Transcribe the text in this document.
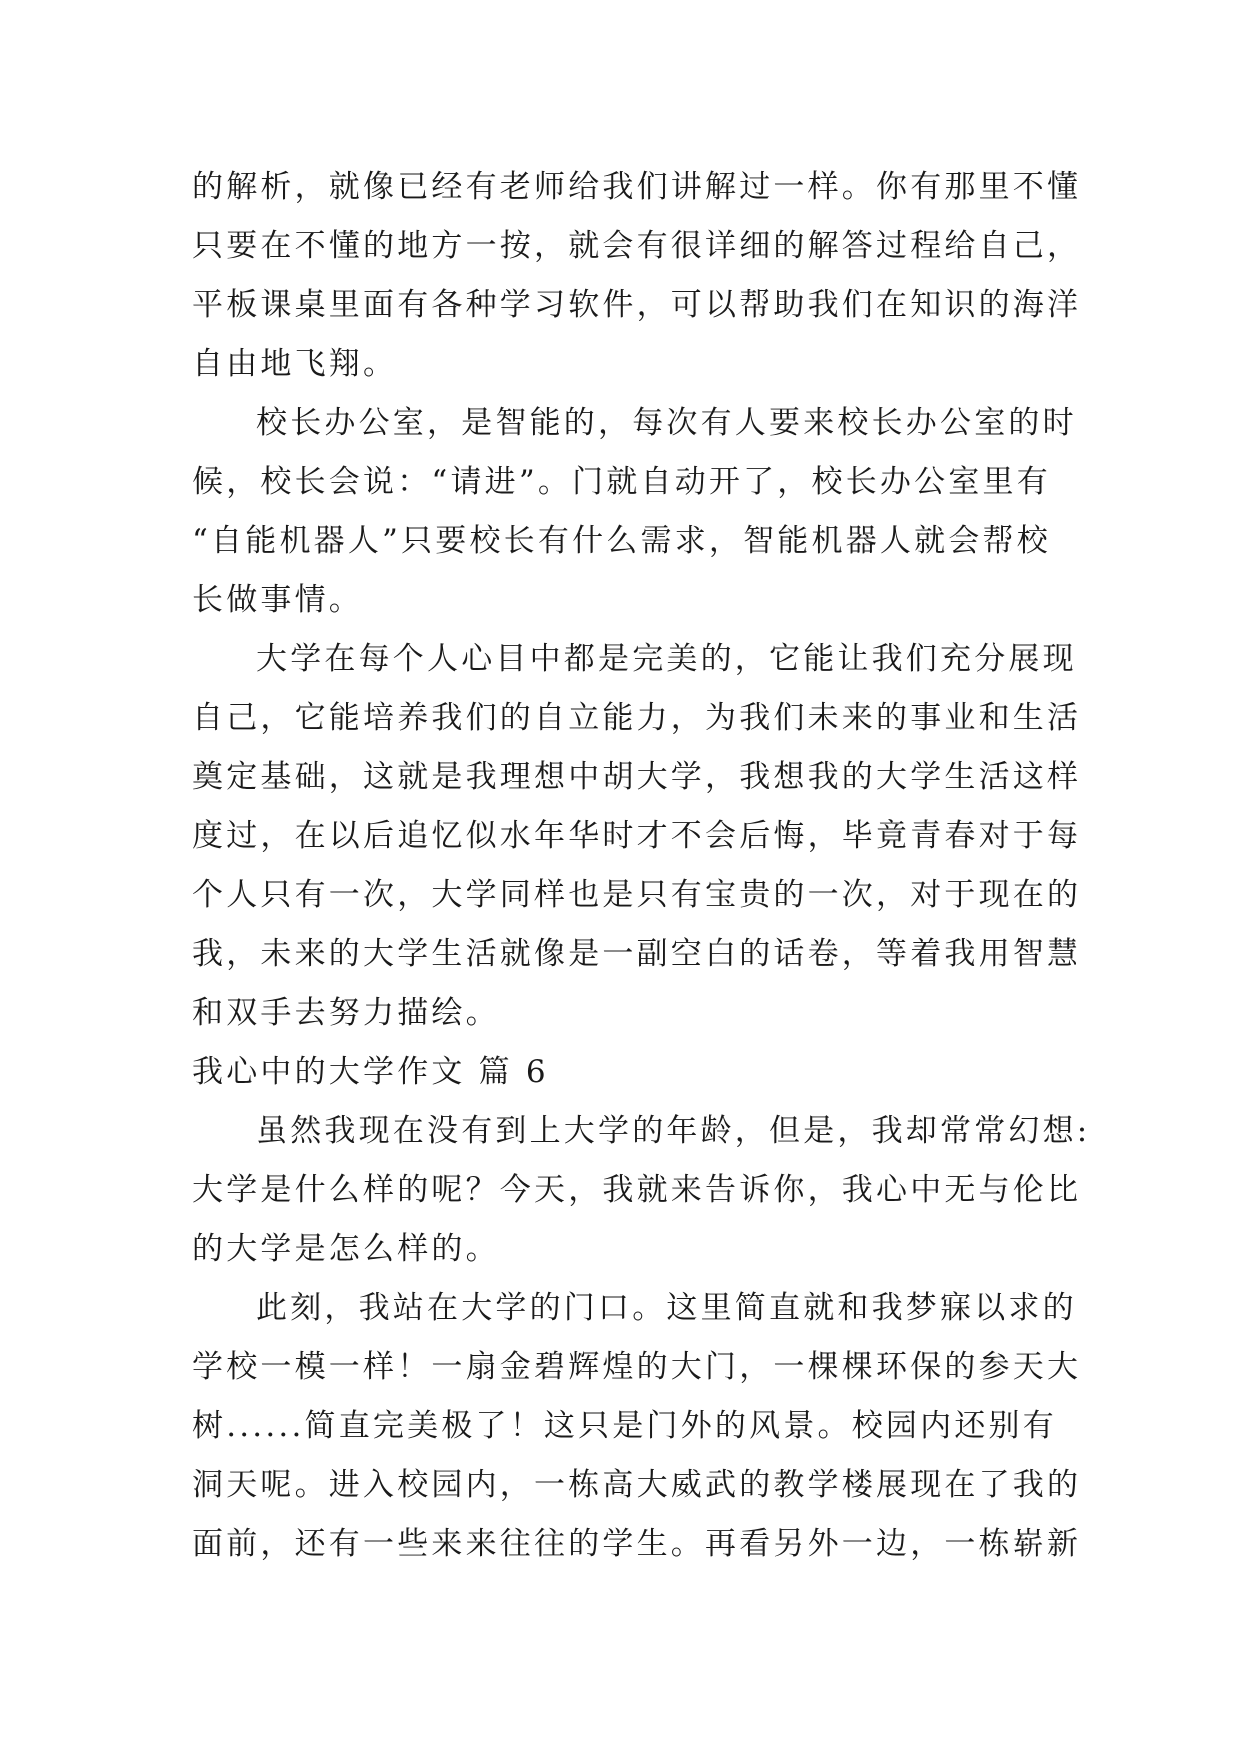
的解析，就像已经有老师给我们讲解过一样。你有那里不懂
只要在不懂的地方一按，就会有很详细的解答过程给自己，
平板课桌里面有各种学习软件，可以帮助我们在知识的海洋
自由地飞翔。
校长办公室，是智能的，每次有人要来校长办公室的时
候，校长会说：“请进”。门就自动开了，校长办公室里有
“自能机器人”只要校长有什么需求，智能机器人就会帮校
长做事情。
大学在每个人心目中都是完美的，它能让我们充分展现
自己，它能培养我们的自立能力，为我们未来的事业和生活
奠定基础，这就是我理想中胡大学，我想我的大学生活这样
度过，在以后追忆似水年华时才不会后悔，毕竟青春对于每
个人只有一次，大学同样也是只有宝贵的一次，对于现在的
我，未来的大学生活就像是一副空白的话卷，等着我用智慧
和双手去努力描绘。
我心中的大学作文 篇 6
虽然我现在没有到上大学的年龄，但是，我却常常幻想:
大学是什么样的呢？今天，我就来告诉你，我心中无与伦比
的大学是怎么样的。
此刻，我站在大学的门口。这里简直就和我梦寐以求的
学校一模一样！一扇金碧辉煌的大门，一棵棵环保的参天大
树......简直完美极了！这只是门外的风景。校园内还别有
洞天呢。进入校园内，一栋高大威武的教学楼展现在了我的
面前，还有一些来来往往的学生。再看另外一边，一栋崭新
